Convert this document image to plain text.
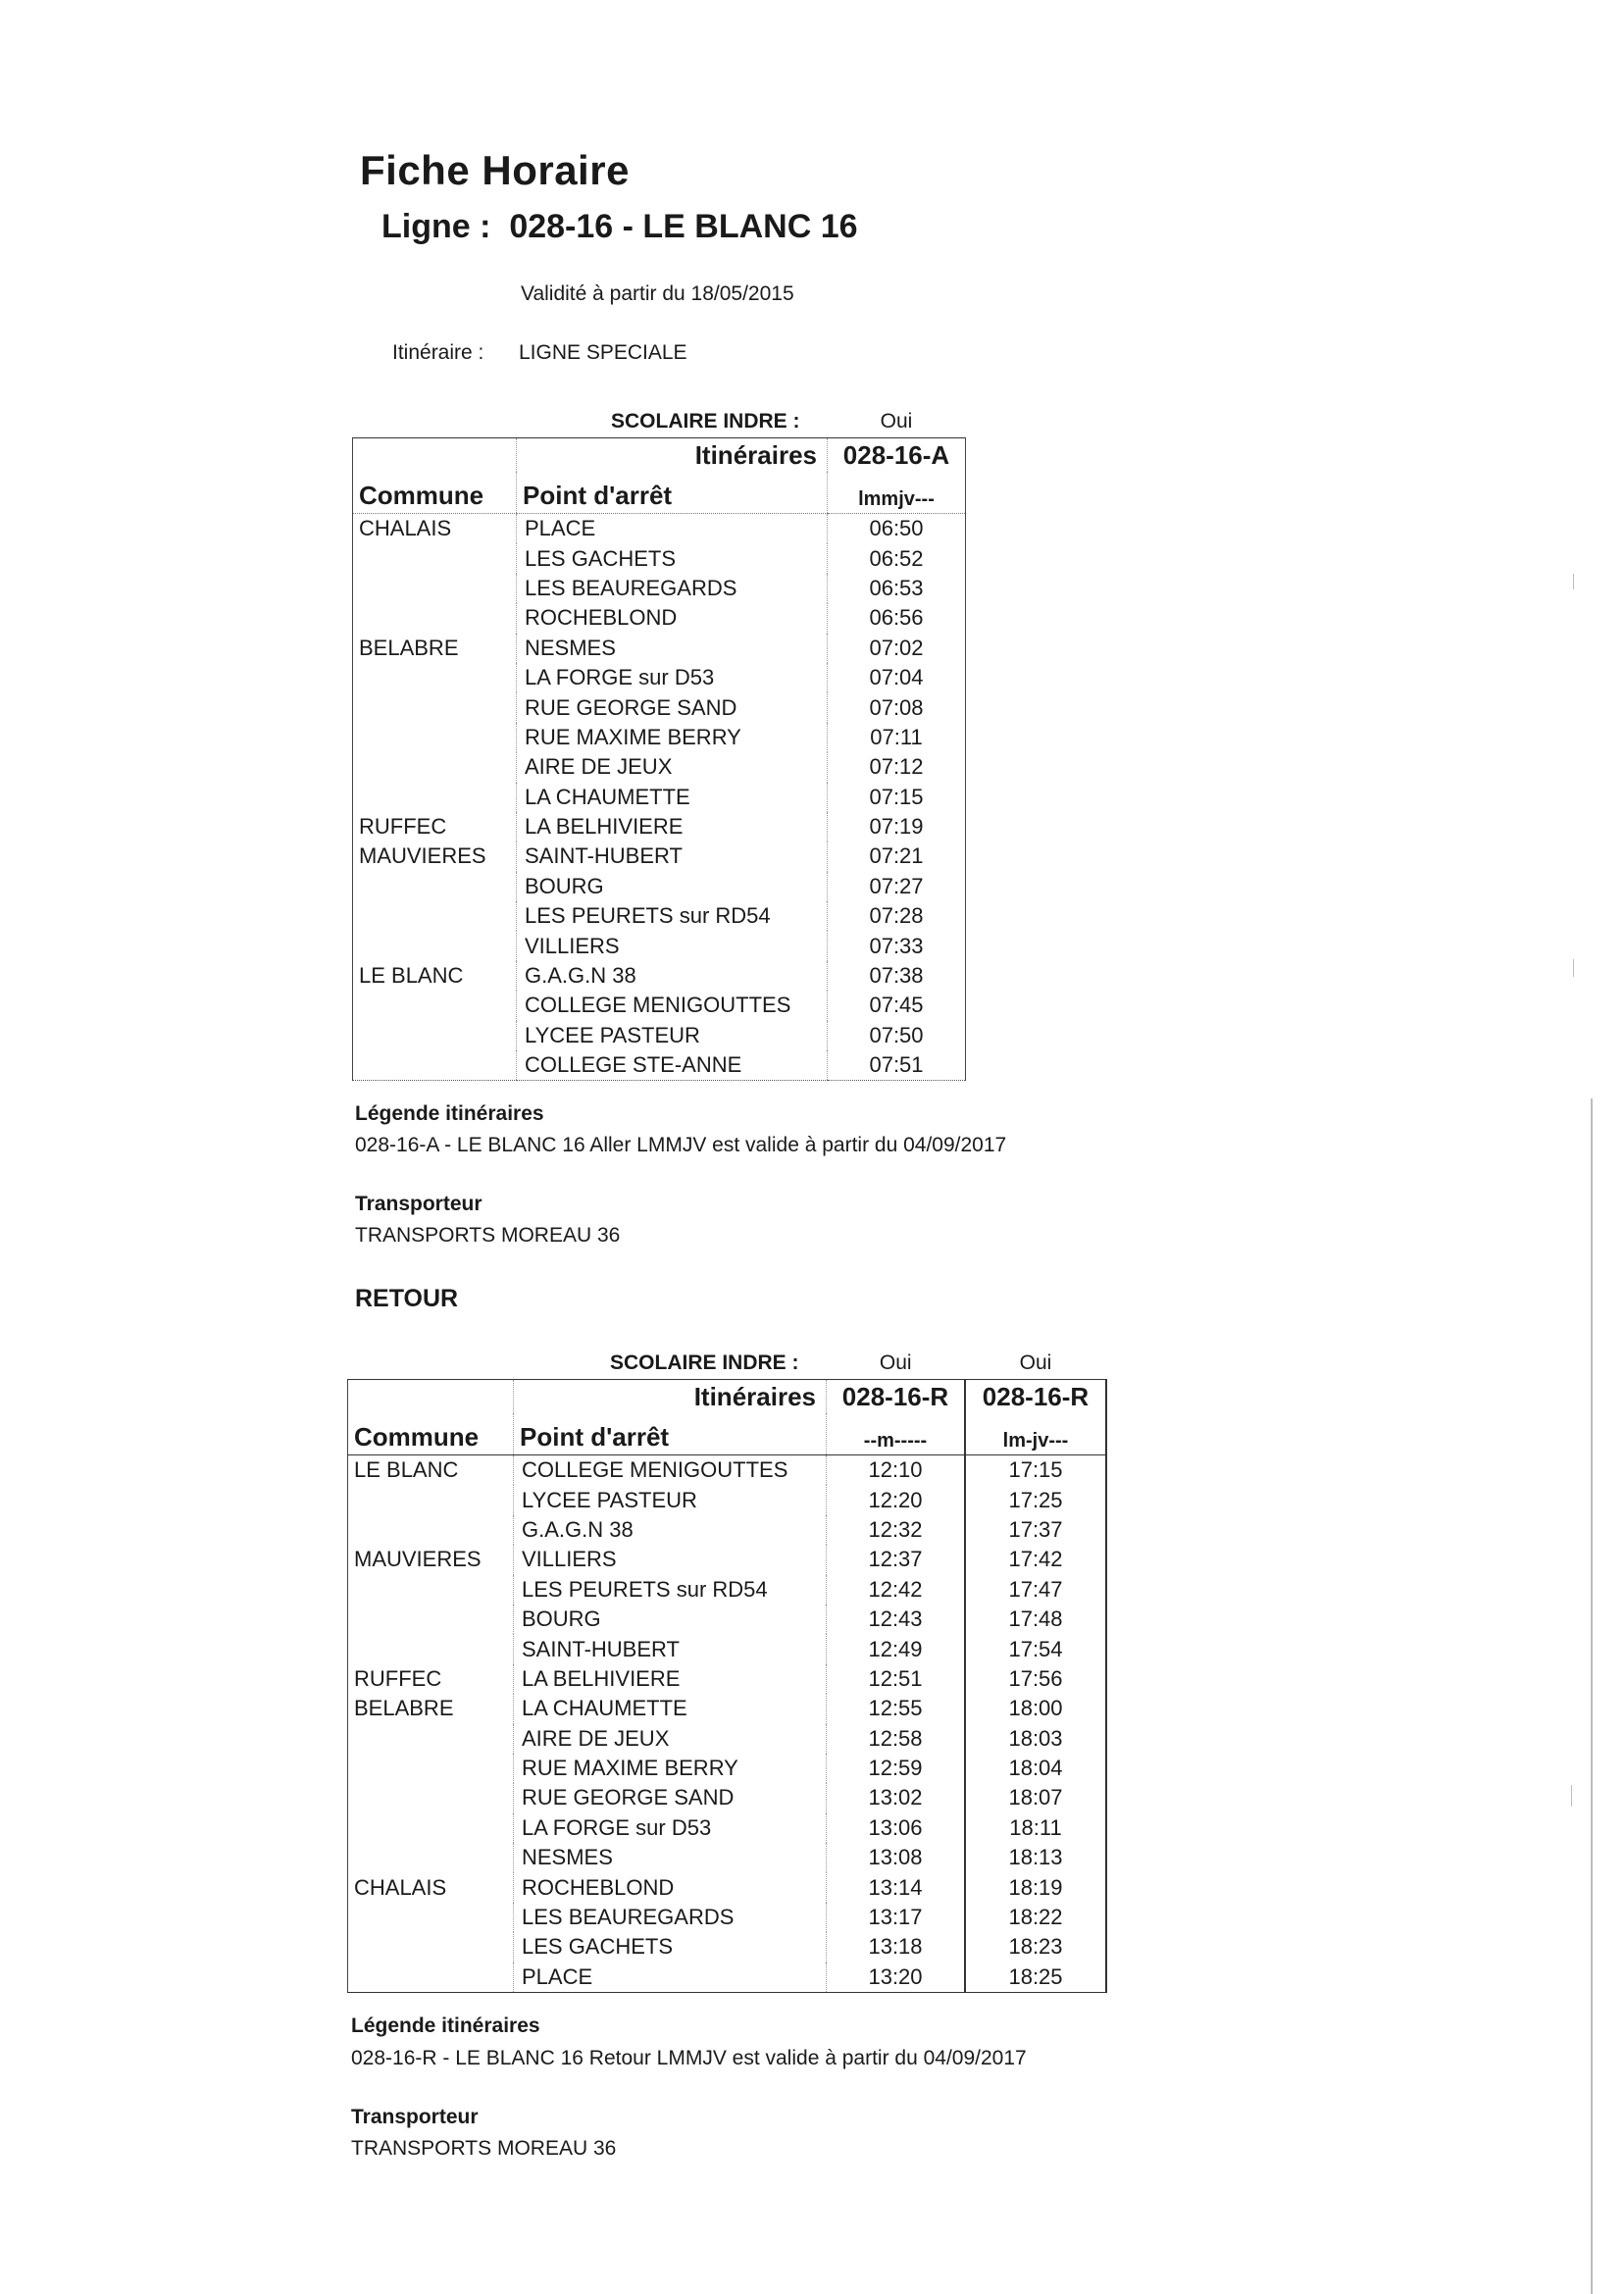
Fiche Horaire
Ligne :  028-16 - LE BLANC 16
Validité à partir du 18/05/2015
Itinéraire : LIGNE SPECIALE
SCOLAIRE INDRE :		Oui
	Itinéraires	028-16-A
Commune	Point d'arrêt	lmmjv---
CHALAIS	PLACE	06:50
	LES GACHETS	06:52
	LES BEAUREGARDS	06:53
	ROCHEBLOND	06:56
BELABRE	NESMES	07:02
	LA FORGE sur D53	07:04
	RUE GEORGE SAND	07:08
	RUE MAXIME BERRY	07:11
	AIRE DE JEUX	07:12
	LA CHAUMETTE	07:15
RUFFEC	LA BELHIVIERE	07:19
MAUVIERES	SAINT-HUBERT	07:21
	BOURG	07:27
	LES PEURETS sur RD54	07:28
	VILLIERS	07:33
LE BLANC	G.A.G.N 38	07:38
	COLLEGE MENIGOUTTES	07:45
	LYCEE PASTEUR	07:50
	COLLEGE STE-ANNE	07:51
Légende itinéraires
028-16-A - LE BLANC 16 Aller LMMJV est valide à partir du 04/09/2017
Transporteur
TRANSPORTS MOREAU 36
RETOUR
SCOLAIRE INDRE :		Oui	Oui
	Itinéraires	028-16-R	028-16-R
Commune	Point d'arrêt	--m-----	lm-jv---
LE BLANC	COLLEGE MENIGOUTTES	12:10	17:15
	LYCEE PASTEUR	12:20	17:25
	G.A.G.N 38	12:32	17:37
MAUVIERES	VILLIERS	12:37	17:42
	LES PEURETS sur RD54	12:42	17:47
	BOURG	12:43	17:48
	SAINT-HUBERT	12:49	17:54
RUFFEC	LA BELHIVIERE	12:51	17:56
BELABRE	LA CHAUMETTE	12:55	18:00
	AIRE DE JEUX	12:58	18:03
	RUE MAXIME BERRY	12:59	18:04
	RUE GEORGE SAND	13:02	18:07
	LA FORGE sur D53	13:06	18:11
	NESMES	13:08	18:13
CHALAIS	ROCHEBLOND	13:14	18:19
	LES BEAUREGARDS	13:17	18:22
	LES GACHETS	13:18	18:23
	PLACE	13:20	18:25
Légende itinéraires
028-16-R - LE BLANC 16 Retour LMMJV est valide à partir du 04/09/2017
Transporteur
TRANSPORTS MOREAU 36
